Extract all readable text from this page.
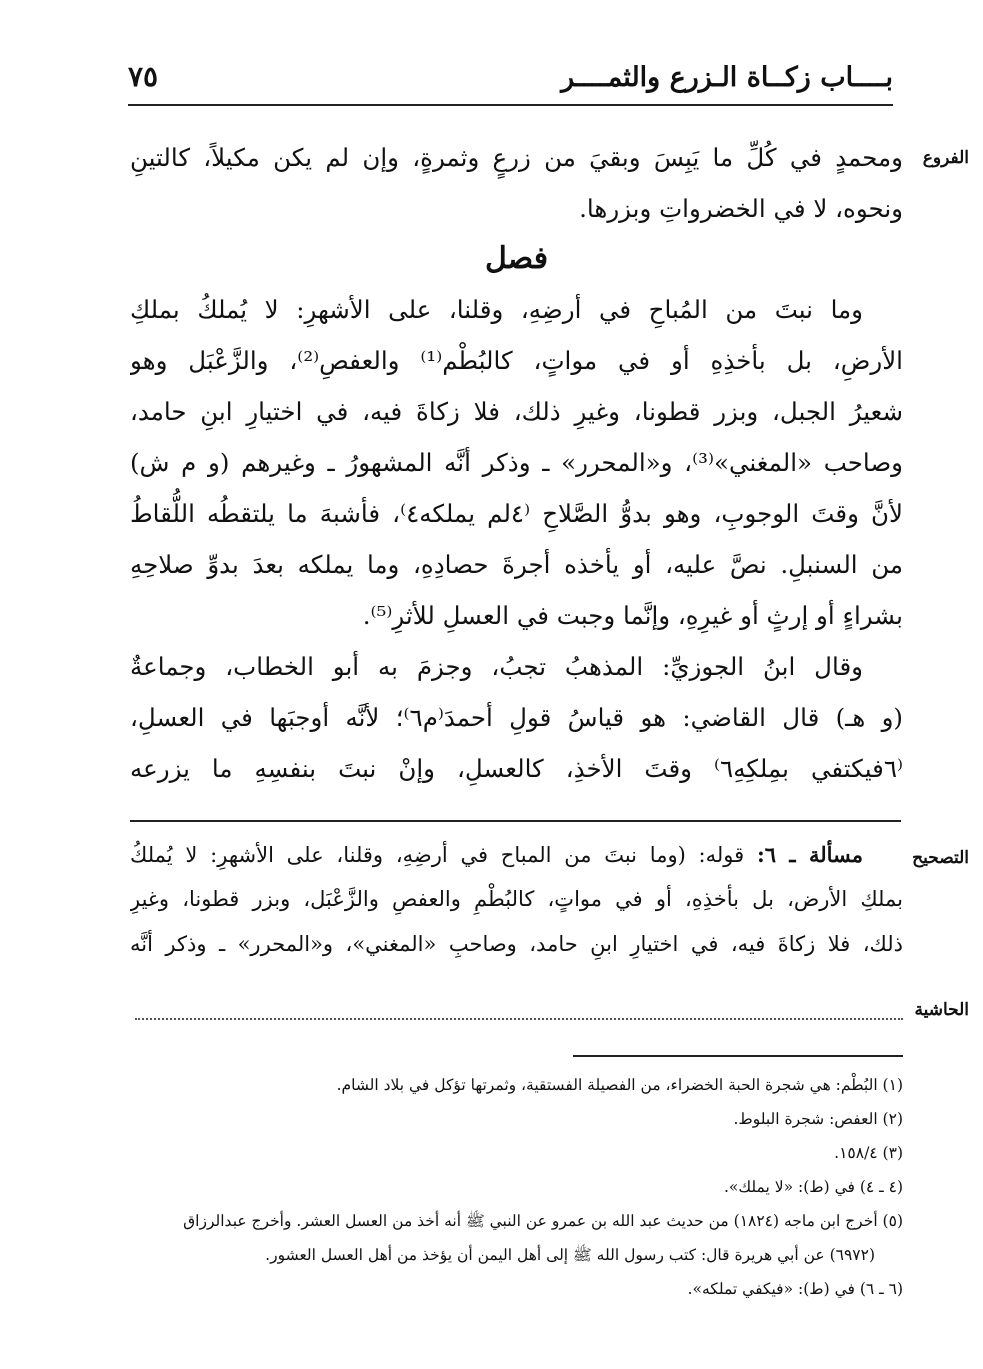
بــــاب زكــاة الـزرع والثمــــر
٧٥
الفروع
التصحيح
الحاشية
ومحمدٍ في كُلِّ ما يَبِسَ وبقيَ من زرعٍ وثمرةٍ، وإن لم يكن مكيلاً، كالتينِ
ونحوه، لا في الخضرواتِ وبزرها.
فصل
وما نبتَ من المُباحِ في أرضِهِ، وقلنا، على الأشهرِ: لا يُملكُ بملكِ
الأرضِ، بل بأخذِهِ أو في مواتٍ، كالبُطْم⁽¹⁾ والعفصِ⁽²⁾، والزَّعْبَل وهو
شعيرُ الجبل، وبزر قطونا، وغيرِ ذلك، فلا زكاةَ فيه، في اختيارِ ابنِ حامد،
وصاحب «المغني»⁽³⁾، و«المحرر» ـ وذكر أنَّه المشهورُ ـ وغيرهم (و م ش)
لأنَّ وقتَ الوجوبِ، وهو بدوُّ الصَّلاحِ ⁽٤لم يملكه٤⁾، فأشبهَ ما يلتقطُه اللُّقاطُ
من السنبلِ. نصَّ عليه، أو يأخذه أجرةَ حصادِهِ، وما يملكه بعدَ بدوِّ صلاحِهِ
بشراءٍ أو إرثٍ أو غيرِهِ، وإنَّما وجبت في العسلِ للأثرِ⁽⁵⁾.
وقال ابنُ الجوزيِّ: المذهبُ تجبُ، وجزمَ به أبو الخطاب، وجماعةٌ
(و هـ) قال القاضي: هو قياسُ قولِ أحمدَ⁽م٦⁾؛ لأنَّه أوجبَها في العسلِ،
⁽٦فيكتفي بمِلكِهِ٦⁾ وقتَ الأخذِ، كالعسلِ، وإنْ نبتَ بنفسِهِ ما يزرعه
مسألة ـ ٦: قوله: (وما نبتَ من المباح في أرضِهِ، وقلنا، على الأشهرِ: لا يُملكُ
بملكِ الأرض، بل بأخذِهِ، أو في مواتٍ، كالبُطْمِ والعفصِ والزَّعْبَل، وبزر قطونا، وغيرِ
ذلك، فلا زكاةَ فيه، في اختيارِ ابنِ حامد، وصاحبِ «المغني»، و«المحرر» ـ وذكر أنَّه
(١) البُطْم: هي شجرة الحبة الخضراء، من الفصيلة الفستقية، وثمرتها تؤكل في بلاد الشام.
(٢) العفص: شجرة البلوط.
(٣) ١٥٨/٤.
(٤ ـ ٤) في (ط): «لا يملك».
(٥) أخرج ابن ماجه (١٨٢٤) من حديث عبد الله بن عمرو عن النبي ﷺ أنه أخذ من العسل العشر. وأخرج عبدالرزاق
(٦٩٧٢) عن أبي هريرة قال: كتب رسول الله ﷺ إلى أهل اليمن أن يؤخذ من أهل العسل العشور.
(٦ ـ ٦) في (ط): «فيكفي تملكه».
